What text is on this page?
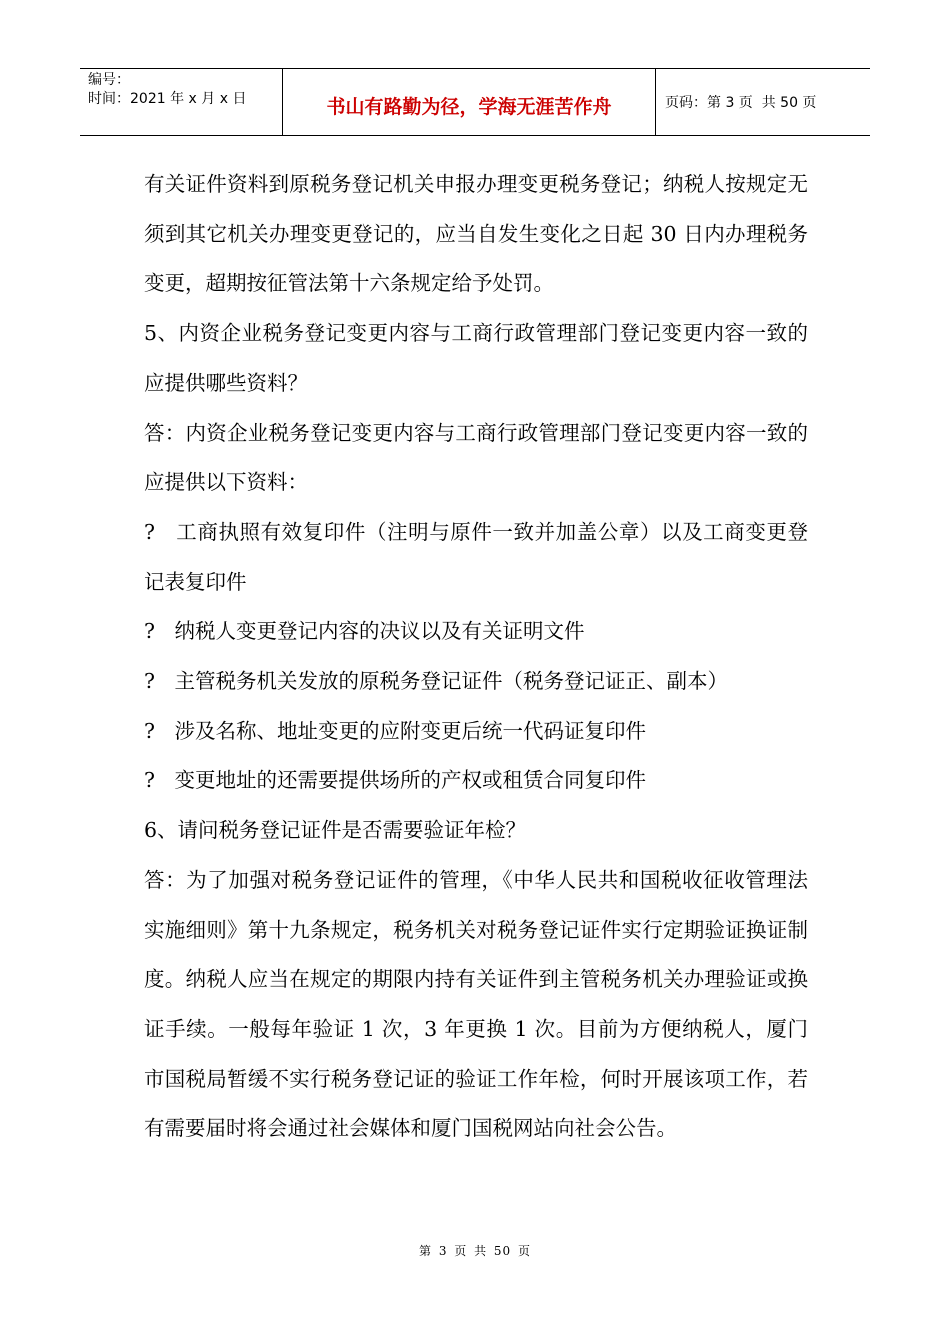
编号：
时间：2021 年 x 月 x 日	书山有路勤为径，学海无涯苦作舟	页码：第 3 页  共 50 页

有关证件资料到原税务登记机关申报办理变更税务登记；纳税人按规定无须到其它机关办理变更登记的，应当自发生变化之日起 30 日内办理税务变更，超期按征管法第十六条规定给予处罚。

5、内资企业税务登记变更内容与工商行政管理部门登记变更内容一致的应提供哪些资料？

答：内资企业税务登记变更内容与工商行政管理部门登记变更内容一致的应提供以下资料：

?   工商执照有效复印件（注明与原件一致并加盖公章）以及工商变更登记表复印件

?   纳税人变更登记内容的决议以及有关证明文件

?   主管税务机关发放的原税务登记证件（税务登记证正、副本）

?   涉及名称、地址变更的应附变更后统一代码证复印件

?   变更地址的还需要提供场所的产权或租赁合同复印件

6、请问税务登记证件是否需要验证年检？

答：为了加强对税务登记证件的管理，《中华人民共和国税收征收管理法实施细则》第十九条规定，税务机关对税务登记证件实行定期验证换证制度。纳税人应当在规定的期限内持有关证件到主管税务机关办理验证或换证手续。一般每年验证 1 次，3 年更换 1 次。目前为方便纳税人，厦门市国税局暂缓不实行税务登记证的验证工作年检，何时开展该项工作，若有需要届时将会通过社会媒体和厦门国税网站向社会公告。

第 3 页 共 50 页
